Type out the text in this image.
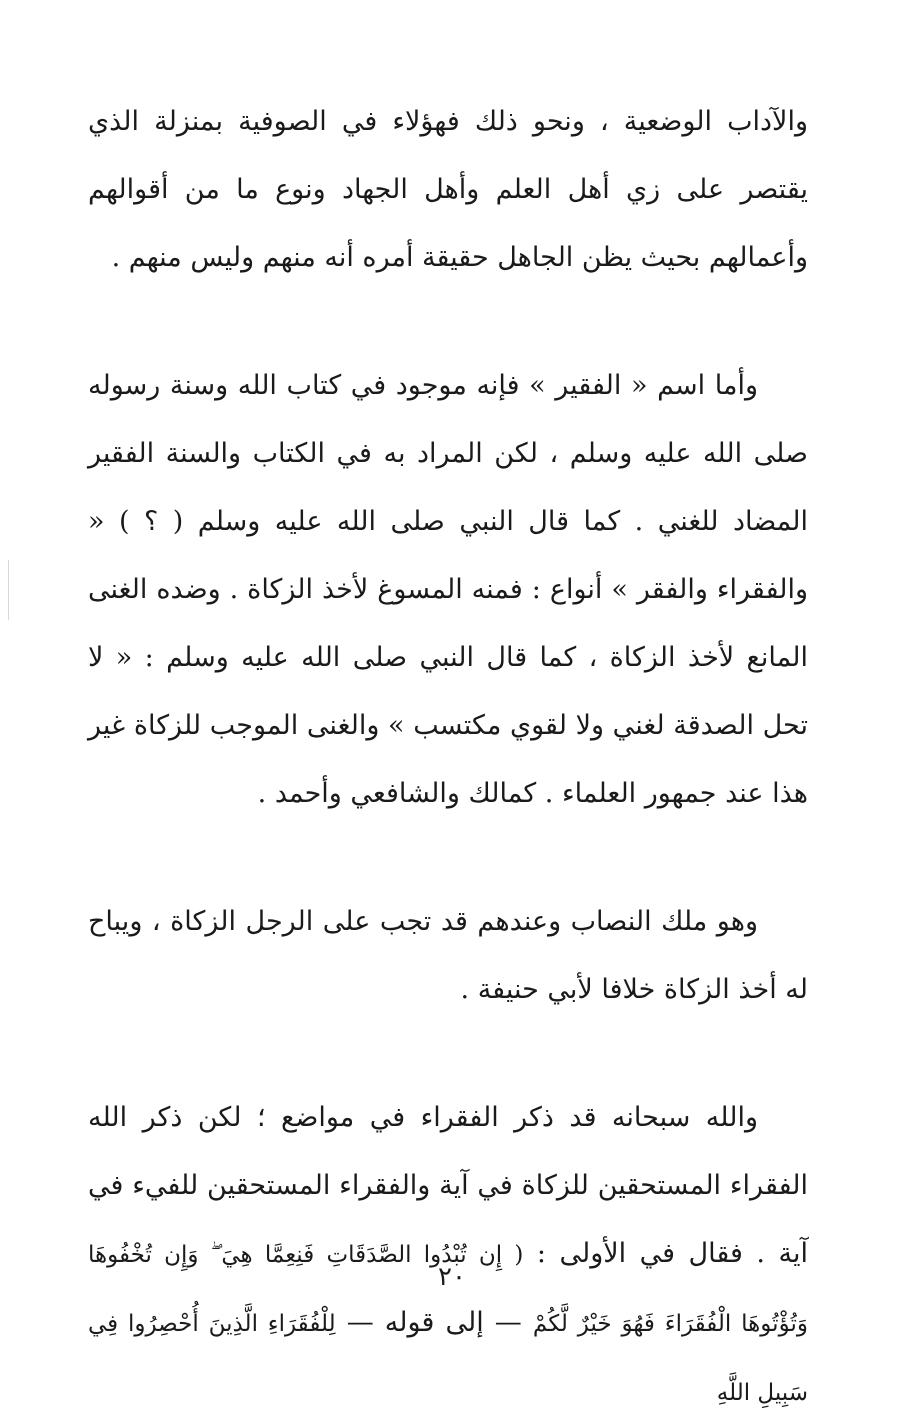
والآداب الوضعية ، ونحو ذلك فهؤلاء في الصوفية بمنزلة الذي يقتصر على زي أهل العلم وأهل الجهاد ونوع ما من أقوالهم وأعمالهم بحيث يظن الجاهل حقيقة أمره أنه منهم وليس منهم .

وأما اسم « الفقير » فإنه موجود في كتاب الله وسنة رسوله صلى الله عليه وسلم ، لكن المراد به في الكتاب والسنة الفقير المضاد للغني . كما قال النبي صلى الله عليه وسلم ( ؟ ) « والفقراء والفقر » أنواع : فمنه المسوغ لأخذ الزكاة . وضده الغنى المانع لأخذ الزكاة ، كما قال النبي صلى الله عليه وسلم : « لا تحل الصدقة لغني ولا لقوي مكتسب » والغنى الموجب للزكاة غير هذا عند جمهور العلماء . كمالك والشافعي وأحمد .

وهو ملك النصاب وعندهم قد تجب على الرجل الزكاة ، ويباح له أخذ الزكاة خلافا لأبي حنيفة .

والله سبحانه قد ذكر الفقراء في مواضع ؛ لكن ذكر الله الفقراء المستحقين للزكاة في آية والفقراء المستحقين للفيء في آية . فقال في الأولى : ( إِن تُبْدُوا الصَّدَقَاتِ فَنِعِمَّا هِيَ ۖ وَإِن تُخْفُوهَا وَتُؤْتُوهَا الْفُقَرَاءَ فَهُوَ خَيْرٌ لَّكُمْ — إلى قوله — لِلْفُقَرَاءِ الَّذِينَ أُحْصِرُوا فِي سَبِيلِ اللَّهِ

٢٠
